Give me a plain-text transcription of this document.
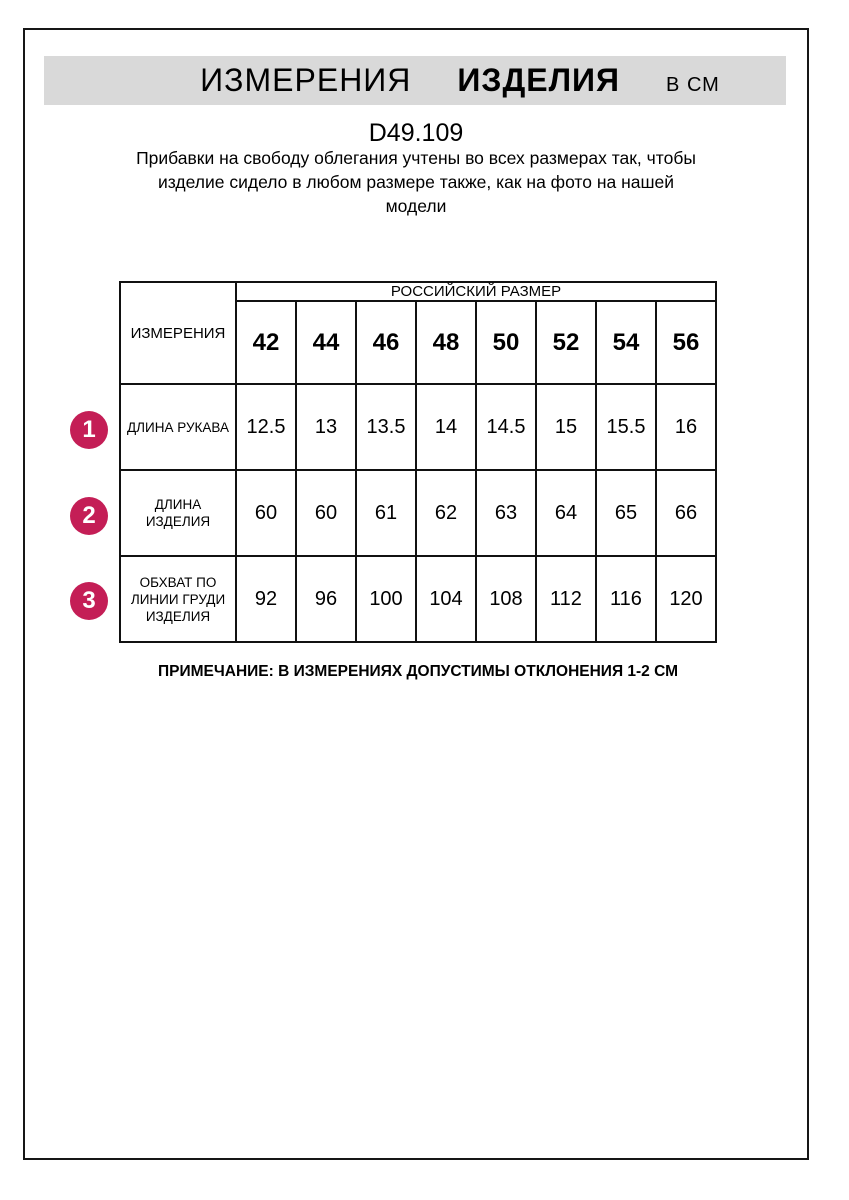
ИЗМЕРЕНИЯ ИЗДЕЛИЯ В СМ
D49.109
Прибавки на свободу облегания учтены во всех размерах так, чтобы
изделие сидело в любом размере также, как на фото на нашей
модели
ИЗМЕРЕНИЯ	РОССИЙСКИЙ РАЗМЕР							
	42	44	46	48	50	52	54	56

ДЛИНА РУКАВА	12.5	13	13.5	14	14.5	15	15.5	16

ДЛИНА
ИЗДЕЛИЯ	60	60	61	62	63	64	65	66

ОБХВАТ ПО
ЛИНИИ ГРУДИ
ИЗДЕЛИЯ	92	96	100	104	108	112	116	120
1
2
3
ПРИМЕЧАНИЕ: В ИЗМЕРЕНИЯХ ДОПУСТИМЫ ОТКЛОНЕНИЯ 1-2 СМ
